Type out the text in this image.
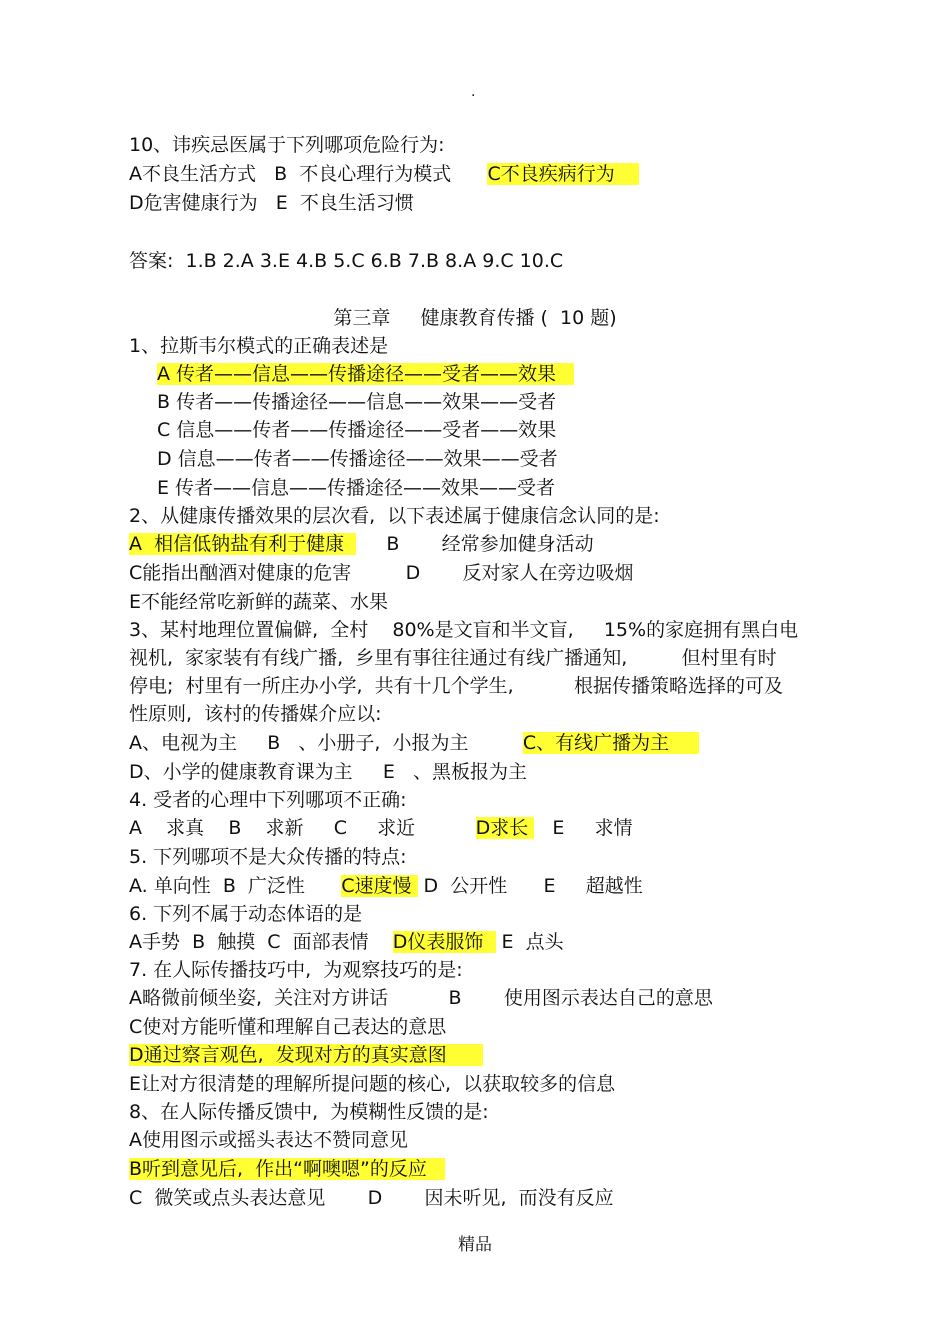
.
10、讳疾忌医属于下列哪项危险行为:
A不良生活方式   B  不良心理行为模式      C不良疾病行为
D危害健康行为   E  不良生活习惯
答案:  1.B 2.A 3.E 4.B 5.C 6.B 7.B 8.A 9.C 10.C
第三章     健康教育传播 (  10 题)
1、拉斯韦尔模式的正确表述是
A 传者——信息——传播途径——受者——效果
B 传者——传播途径——信息——效果——受者
C 信息——传者——传播途径——受者——效果
D 信息——传者——传播途径——效果——受者
E 传者——信息——传播途径——效果——受者
2、从健康传播效果的层次看,  以下表述属于健康信念认同的是:
A  相信低钠盐有利于健康       B       经常参加健身活动
C能指出酗酒对健康的危害         D       反对家人在旁边吸烟
E不能经常吃新鲜的蔬菜、水果
3、某村地理位置偏僻,  全村    80%是文盲和半文盲,     15%的家庭拥有黑白电
视机,  家家装有有线广播,  乡里有事往往通过有线广播通知,         但村里有时
停电;  村里有一所庄办小学,  共有十几个学生,          根据传播策略选择的可及
性原则,  该村的传播媒介应以:
A、电视为主     B   、小册子,  小报为主         C、有线广播为主
D、小学的健康教育课为主     E   、黑板报为主
4. 受者的心理中下列哪项不正确:
A    求真    B    求新     C     求近          D求长    E     求情
5. 下列哪项不是大众传播的特点:
A. 单向性  B  广泛性      C速度慢  D  公开性      E     超越性
6. 下列不属于动态体语的是
A手势  B  触摸  C  面部表情    D仪表服饰   E  点头
7. 在人际传播技巧中,  为观察技巧的是:
A略微前倾坐姿,  关注对方讲话          B       使用图示表达自己的意思
C使对方能听懂和理解自己表达的意思
D通过察言观色,  发现对方的真实意图
E让对方很清楚的理解所提问题的核心,  以获取较多的信息
8、在人际传播反馈中,  为模糊性反馈的是:
A使用图示或摇头表达不赞同意见
B听到意见后,  作出“啊噢嗯”的反应
C  微笑或点头表达意见       D       因未听见,  而没有反应
精品
